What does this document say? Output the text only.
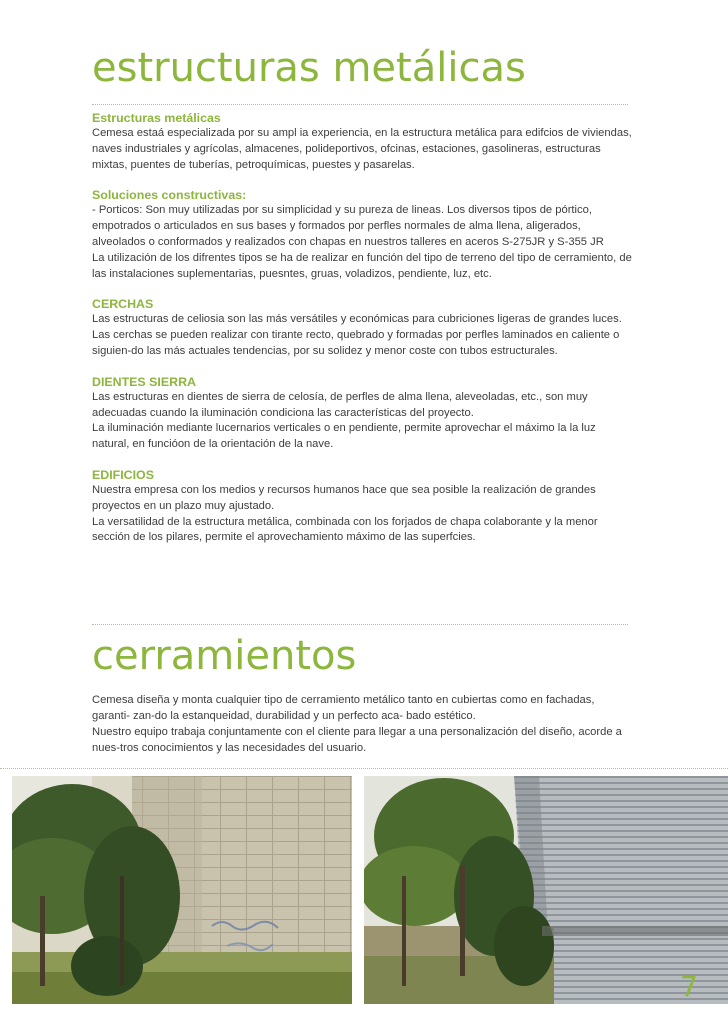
estructuras metálicas
Estructuras metálicas
Cemesa estaá especializada por su ampl ia experiencia, en la estructura metálica para edifcios de viviendas, naves industriales y agrícolas, almacenes, polideportivos, ofcinas, estaciones, gasolineras, estructuras mixtas, puentes de tuberías, petroquímicas, puestes y pasarelas.
Soluciones constructivas:
- Porticos: Son muy utilizadas por su simplicidad y su pureza de lineas. Los diversos tipos de pórtico, empotrados o articulados en sus bases y formados por perfles normales de alma llena, aligerados, alveolados o conformados y realizados con chapas en nuestros talleres en aceros S-275JR y S-355 JR
La utilización de los difrentes tipos se ha de realizar en función del tipo de terreno del tipo de cerramiento, de las instalaciones suplementarias, puesntes, gruas, voladizos, pendiente, luz, etc.
CERCHAS
Las estructuras de celiosia son las más versátiles y económicas para cubriciones ligeras de grandes luces.
Las cerchas se pueden realizar con tirante recto, quebrado y formadas por perfles laminados en caliente o siguien-do las más actuales tendencias, por su solidez y menor coste con tubos estructurales.
DIENTES SIERRA
Las estructuras en dientes de sierra de celosía, de perfles de alma llena, aleveoladas, etc., son muy adecuadas cuando la iluminación condiciona las características del proyecto.
La iluminación mediante lucernarios verticales o en pendiente, permite aprovechar el máximo la la luz natural, en funcióon de la orientación de la nave.
EDIFICIOS
Nuestra empresa con los medios y recursos humanos hace que sea posible la realización de grandes proyectos en un plazo muy ajustado.
La versatilidad de la estructura metálica, combinada con los forjados de chapa colaborante y la menor sección de los pilares, permite el aprovechamiento máximo de las superfcies.
cerramientos
Cemesa diseña y monta cualquier tipo de cerramiento metálico tanto en cubiertas como en fachadas, garanti- zan-do la estanqueidad, durabilidad y un perfecto aca- bado estético.
Nuestro equipo trabaja conjuntamente con el cliente para llegar a una personalización del diseño, acorde a nues-tros conocimientos y las necesidades del usuario.
7
